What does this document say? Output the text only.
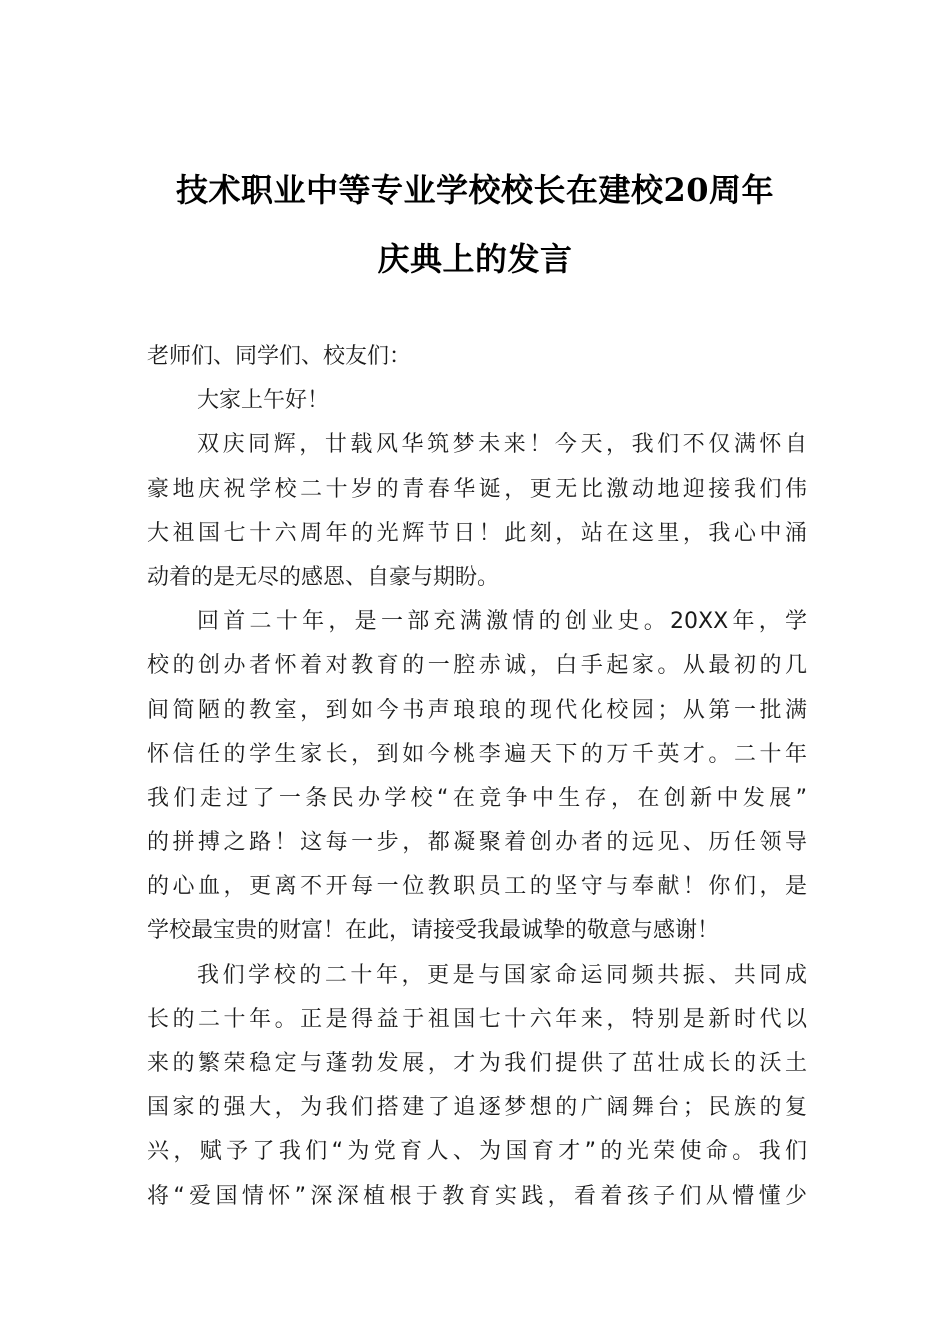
技术职业中等专业学校校长在建校20周年
庆典上的发言
老师们、同学们、校友们：
大家上午好！
双庆同辉，廿载风华筑梦未来！今天，我们不仅满怀自
豪地庆祝学校二十岁的青春华诞，更无比激动地迎接我们伟
大祖国七十六周年的光辉节日！此刻，站在这里，我心中涌
动着的是无尽的感恩、自豪与期盼。
回首二十年，是一部充满激情的创业史。20XX年，学
校的创办者怀着对教育的一腔赤诚，白手起家。从最初的几
间简陋的教室，到如今书声琅琅的现代化校园；从第一批满
怀信任的学生家长，到如今桃李遍天下的万千英才。二十年
我们走过了一条民办学校“在竞争中生存，在创新中发展”
的拼搏之路！这每一步，都凝聚着创办者的远见、历任领导
的心血，更离不开每一位教职员工的坚守与奉献！你们，是
学校最宝贵的财富！在此，请接受我最诚挚的敬意与感谢！
我们学校的二十年，更是与国家命运同频共振、共同成
长的二十年。正是得益于祖国七十六年来，特别是新时代以
来的繁荣稳定与蓬勃发展，才为我们提供了茁壮成长的沃土
国家的强大，为我们搭建了追逐梦想的广阔舞台；民族的复
兴，赋予了我们“为党育人、为国育才”的光荣使命。我们
将“爱国情怀”深深植根于教育实践，看着孩子们从懵懂少
